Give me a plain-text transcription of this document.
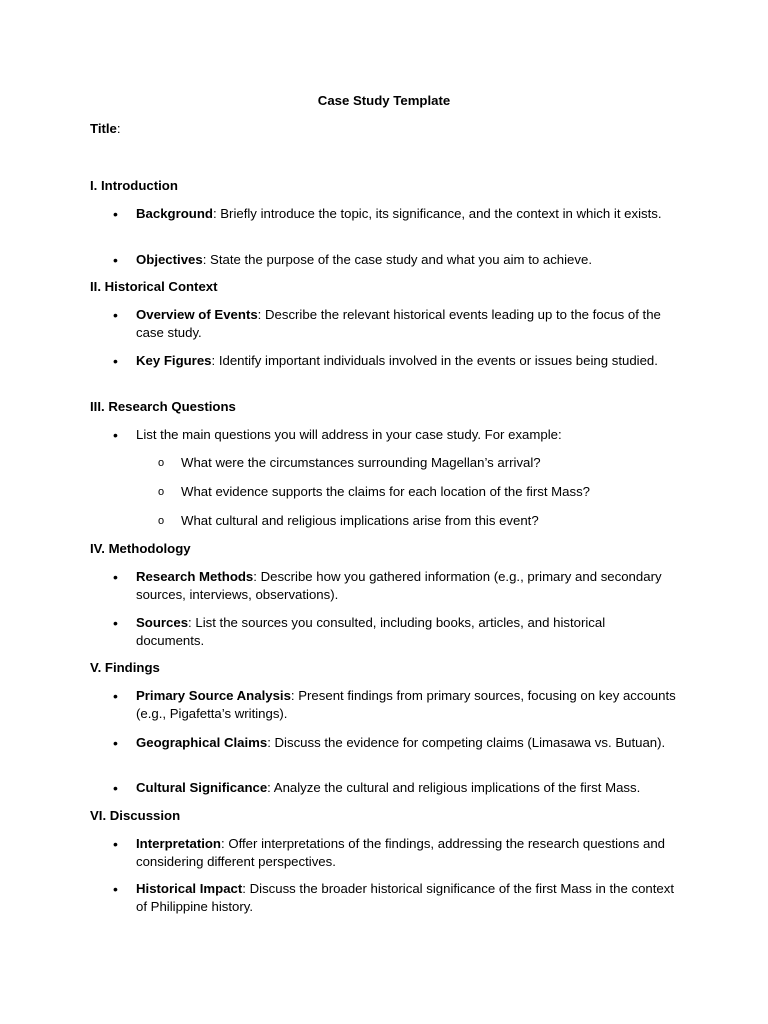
Case Study Template

Title:

I. Introduction

• Background: Briefly introduce the topic, its significance, and the context in which it exists.

• Objectives: State the purpose of the case study and what you aim to achieve.

II. Historical Context

• Overview of Events: Describe the relevant historical events leading up to the focus of the case study.

• Key Figures: Identify important individuals involved in the events or issues being studied.

III. Research Questions

• List the main questions you will address in your case study. For example:

o What were the circumstances surrounding Magellan’s arrival?

o What evidence supports the claims for each location of the first Mass?

o What cultural and religious implications arise from this event?

IV. Methodology

• Research Methods: Describe how you gathered information (e.g., primary and secondary sources, interviews, observations).

• Sources: List the sources you consulted, including books, articles, and historical documents.

V. Findings

• Primary Source Analysis: Present findings from primary sources, focusing on key accounts (e.g., Pigafetta’s writings).

• Geographical Claims: Discuss the evidence for competing claims (Limasawa vs. Butuan).

• Cultural Significance: Analyze the cultural and religious implications of the first Mass.

VI. Discussion

• Interpretation: Offer interpretations of the findings, addressing the research questions and considering different perspectives.

• Historical Impact: Discuss the broader historical significance of the first Mass in the context of Philippine history.
